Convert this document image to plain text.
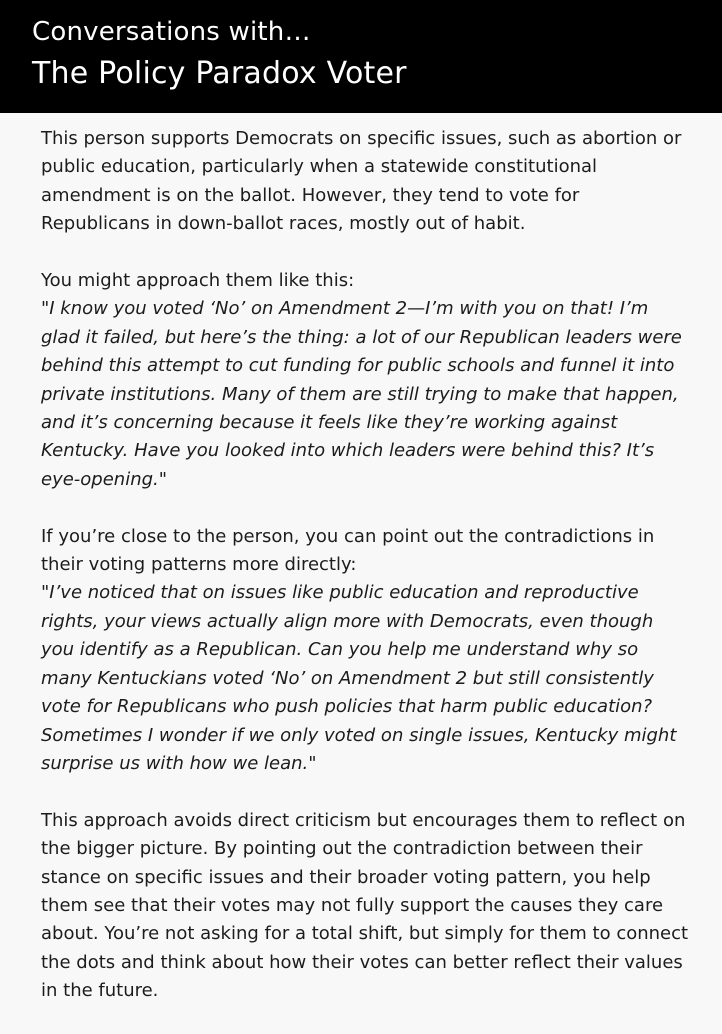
Conversations with…
The Policy Paradox Voter

This person supports Democrats on specific issues, such as abortion or public education, particularly when a statewide constitutional amendment is on the ballot. However, they tend to vote for Republicans in down-ballot races, mostly out of habit.

You might approach them like this:
"I know you voted ‘No’ on Amendment 2—I’m with you on that! I’m glad it failed, but here’s the thing: a lot of our Republican leaders were behind this attempt to cut funding for public schools and funnel it into private institutions. Many of them are still trying to make that happen, and it’s concerning because it feels like they’re working against Kentucky. Have you looked into which leaders were behind this? It’s eye-opening."

If you’re close to the person, you can point out the contradictions in their voting patterns more directly:
"I’ve noticed that on issues like public education and reproductive rights, your views actually align more with Democrats, even though you identify as a Republican. Can you help me understand why so many Kentuckians voted ‘No’ on Amendment 2 but still consistently vote for Republicans who push policies that harm public education? Sometimes I wonder if we only voted on single issues, Kentucky might surprise us with how we lean."

This approach avoids direct criticism but encourages them to reflect on the bigger picture. By pointing out the contradiction between their stance on specific issues and their broader voting pattern, you help them see that their votes may not fully support the causes they care about. You’re not asking for a total shift, but simply for them to connect the dots and think about how their votes can better reflect their values in the future.
